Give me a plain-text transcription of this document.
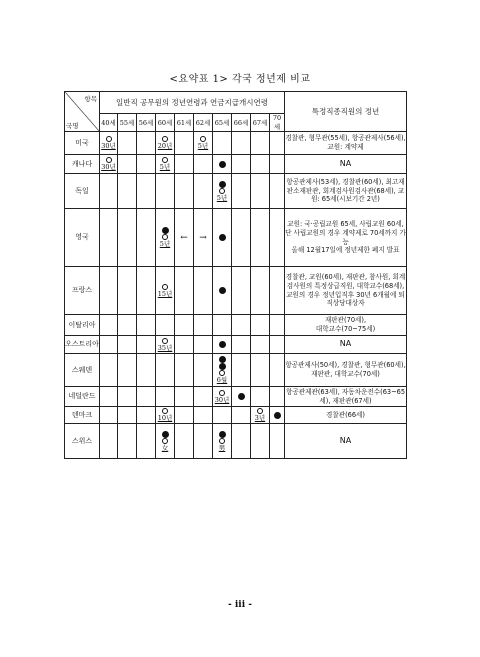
<요약표 1> 각국 정년제 비교
항목
국명	일반직 공무원의 정년연령과 연금지급개시연령										특정직종직원의 정년
	40세	55세	56세	60세	61세	62세	65세	66세	67세	70세	
미국	30년			20년		5년					경찰관, 형무관(55세), 항공관제사(56세), 교원: 계약제
캐나다	30년			5년							NA
독일							5년				항공관제사(53세), 경찰관(60세), 최고재판소재판관, 회계검사원검사관(68세), 교원: 65세(시보기간 2년)
영국				5년	←	→					교원: 국·공립교원 65세, 사립교원 60세, 단 사립교원의 경우 계약제로 70세까지 가능
올해 12월17일에 정년제한 폐지 발표
프랑스				15년							경찰관, 교원(60세), 재판관, 참사원, 회계검사원의 특정상급직원, 대학교수(68세), 교원의 경우 정년입직후 30년 6개월에 퇴직상당대상자
이탈리아											재판관(70세),
대학교수(70~75세)
오스트리아				35년							NA
스웨덴							6월				항공관제사(50세), 경찰관, 형무관(60세), 재판관, 대학교수(70세)
네덜란드							30년				항공관제관(63세), 자동차운전수(63~65세), 재판관(67세)
덴마크				10년					3년		경찰관(66세)
스위스				女			男				NA
- iii -
